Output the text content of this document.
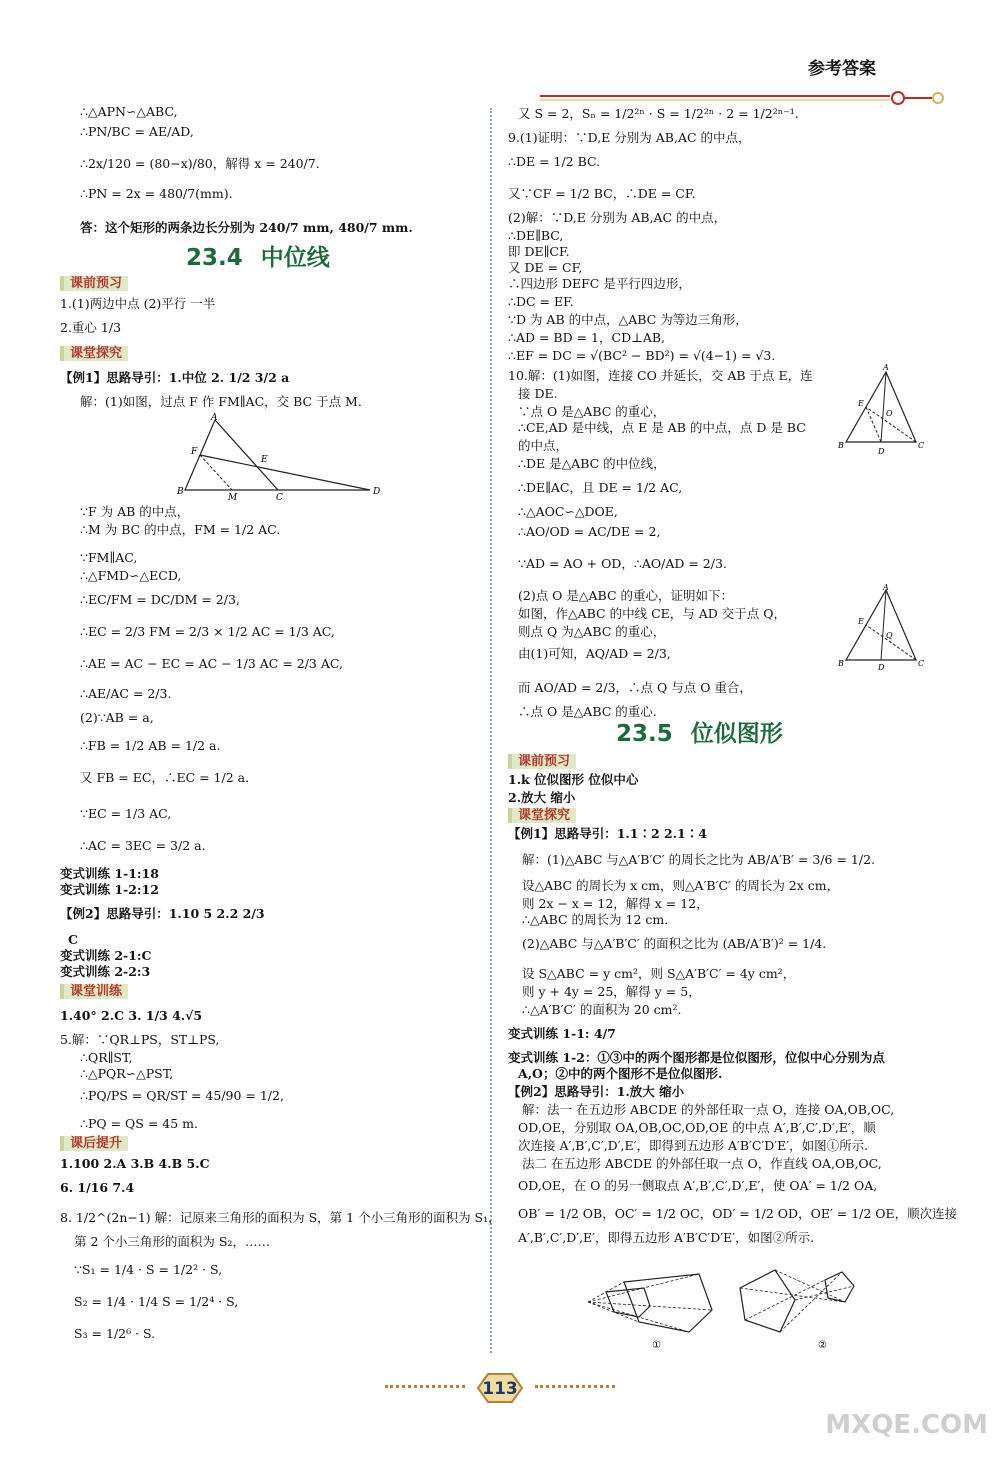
参考答案
∴△APN∽△ABC,
∴PN/BC = AE/AD,
∴2x/120 = (80−x)/80，解得 x = 240/7.
∴PN = 2x = 480/7(mm).
答：这个矩形的两条边长分别为 240/7 mm, 480/7 mm.
23.4 中位线
课前预习
1.(1)两边中点 (2)平行 一半
2.重心 1/3
课堂探究
【例1】思路导引：1.中位 2. 1/2 3/2 a
解：(1)如图，过点 F 作 FM∥AC，交 BC 于点 M.
A
F
E
B
M	C
D
∵F 为 AB 的中点，
∴M 为 BC 的中点，FM = 1/2 AC.
∵FM∥AC,
∴△FMD∽△ECD,
∴EC/FM = DC/DM = 2/3,
∴EC = 2/3 FM = 2/3 × 1/2 AC = 1/3 AC,
∴AE = AC − EC = AC − 1/3 AC = 2/3 AC,
∴AE/AC = 2/3.
(2)∵AB = a,
∴FB = 1/2 AB = 1/2 a.
又 FB = EC，∴EC = 1/2 a.
∵EC = 1/3 AC,
∴AC = 3EC = 3/2 a.
变式训练 1-1:18
变式训练 1-2:12
【例2】思路导引：1.10 5 2.2 2/3
C
变式训练 2-1:C
变式训练 2-2:3
课堂训练
1.40° 2.C 3. 1/3 4.√5
5.解：∵QR⊥PS，ST⊥PS,
∴QR∥ST,
∴△PQR∽△PST,
∴PQ/PS = QR/ST = 45/90 = 1/2,
∴PQ = QS = 45 m.
课后提升
1.100 2.A 3.B 4.B 5.C
6. 1/16 7.4
8. 1/2^(2n−1) 解：记原来三角形的面积为 S，第 1 个小三角形的面积为 S₁，
第 2 个小三角形的面积为 S₂，……
∵S₁ = 1/4 · S = 1/2² · S,
S₂ = 1/4 · 1/4 S = 1/2⁴ · S,
S₃ = 1/2⁶ · S.
又 S = 2，Sₙ = 1/2²ⁿ · S = 1/2²ⁿ · 2 = 1/2²ⁿ⁻¹.
9.(1)证明：∵D,E 分别为 AB,AC 的中点，
∴DE = 1/2 BC.
又∵CF = 1/2 BC，∴DE = CF.
(2)解：∵D,E 分别为 AB,AC 的中点，
∴DE∥BC,
即 DE∥CF.
又 DE = CF,
∴四边形 DEFC 是平行四边形，
∴DC = EF.
∵D 为 AB 的中点，△ABC 为等边三角形，
∴AD = BD = 1，CD⊥AB,
∴EF = DC = √(BC² − BD²) = √(4−1) = √3.
10.解：(1)如图，连接 CO 并延长，交 AB 于点 E，连
接 DE.
∵点 O 是△ABC 的重心，
∴CE,AD 是中线，点 E 是 AB 的中点，点 D 是 BC
的中点，
∴DE 是△ABC 的中位线，
∴DE∥AC，且 DE = 1/2 AC,
∴△AOC∽△DOE,
∴AO/OD = AC/DE = 2,
∵AD = AO + OD，∴AO/AD = 2/3.
(2)点 O 是△ABC 的重心，证明如下：
如图，作△ABC 的中线 CE，与 AD 交于点 Q，
则点 Q 为△ABC 的重心，
由(1)可知，AQ/AD = 2/3,
而 AO/AD = 2/3，∴点 Q 与点 O 重合，
∴点 O 是△ABC 的重心.
A
E
O
B
D
C
A
E
Q
B	D	C
23.5 位似图形
课前预习
1.k 位似图形 位似中心
2.放大 缩小
课堂探究
【例1】思路导引：1.1∶2 2.1∶4
解：(1)△ABC 与△A′B′C′ 的周长之比为 AB/A′B′ = 3/6 = 1/2.
设△ABC 的周长为 x cm，则△A′B′C′ 的周长为 2x cm，
则 2x − x = 12，解得 x = 12，
∴△ABC 的周长为 12 cm.
(2)△ABC 与△A′B′C′ 的面积之比为 (AB/A′B′)² = 1/4.
设 S△ABC = y cm²，则 S△A′B′C′ = 4y cm²，
则 y + 4y = 25，解得 y = 5，
∴△A′B′C′ 的面积为 20 cm².
变式训练 1-1: 4/7
变式训练 1-2：①③中的两个图形都是位似图形，位似中心分别为点
A,O；②中的两个图形不是位似图形.
【例2】思路导引：1.放大 缩小
解：法一 在五边形 ABCDE 的外部任取一点 O，连接 OA,OB,OC,
OD,OE，分别取 OA,OB,OC,OD,OE 的中点 A′,B′,C′,D′,E′，顺
次连接 A′,B′,C′,D′,E′，即得到五边形 A′B′C′D′E′，如图①所示.
法二 在五边形 ABCDE 的外部任取一点 O，作直线 OA,OB,OC,
OD,OE，在 O 的另一侧取点 A′,B′,C′,D′,E′，使 OA′ = 1/2 OA,
OB′ = 1/2 OB，OC′ = 1/2 OC，OD′ = 1/2 OD，OE′ = 1/2 OE，顺次连接
A′,B′,C′,D′,E′，即得五边形 A′B′C′D′E′，如图②所示.
①	②
113
MXQE.COM
